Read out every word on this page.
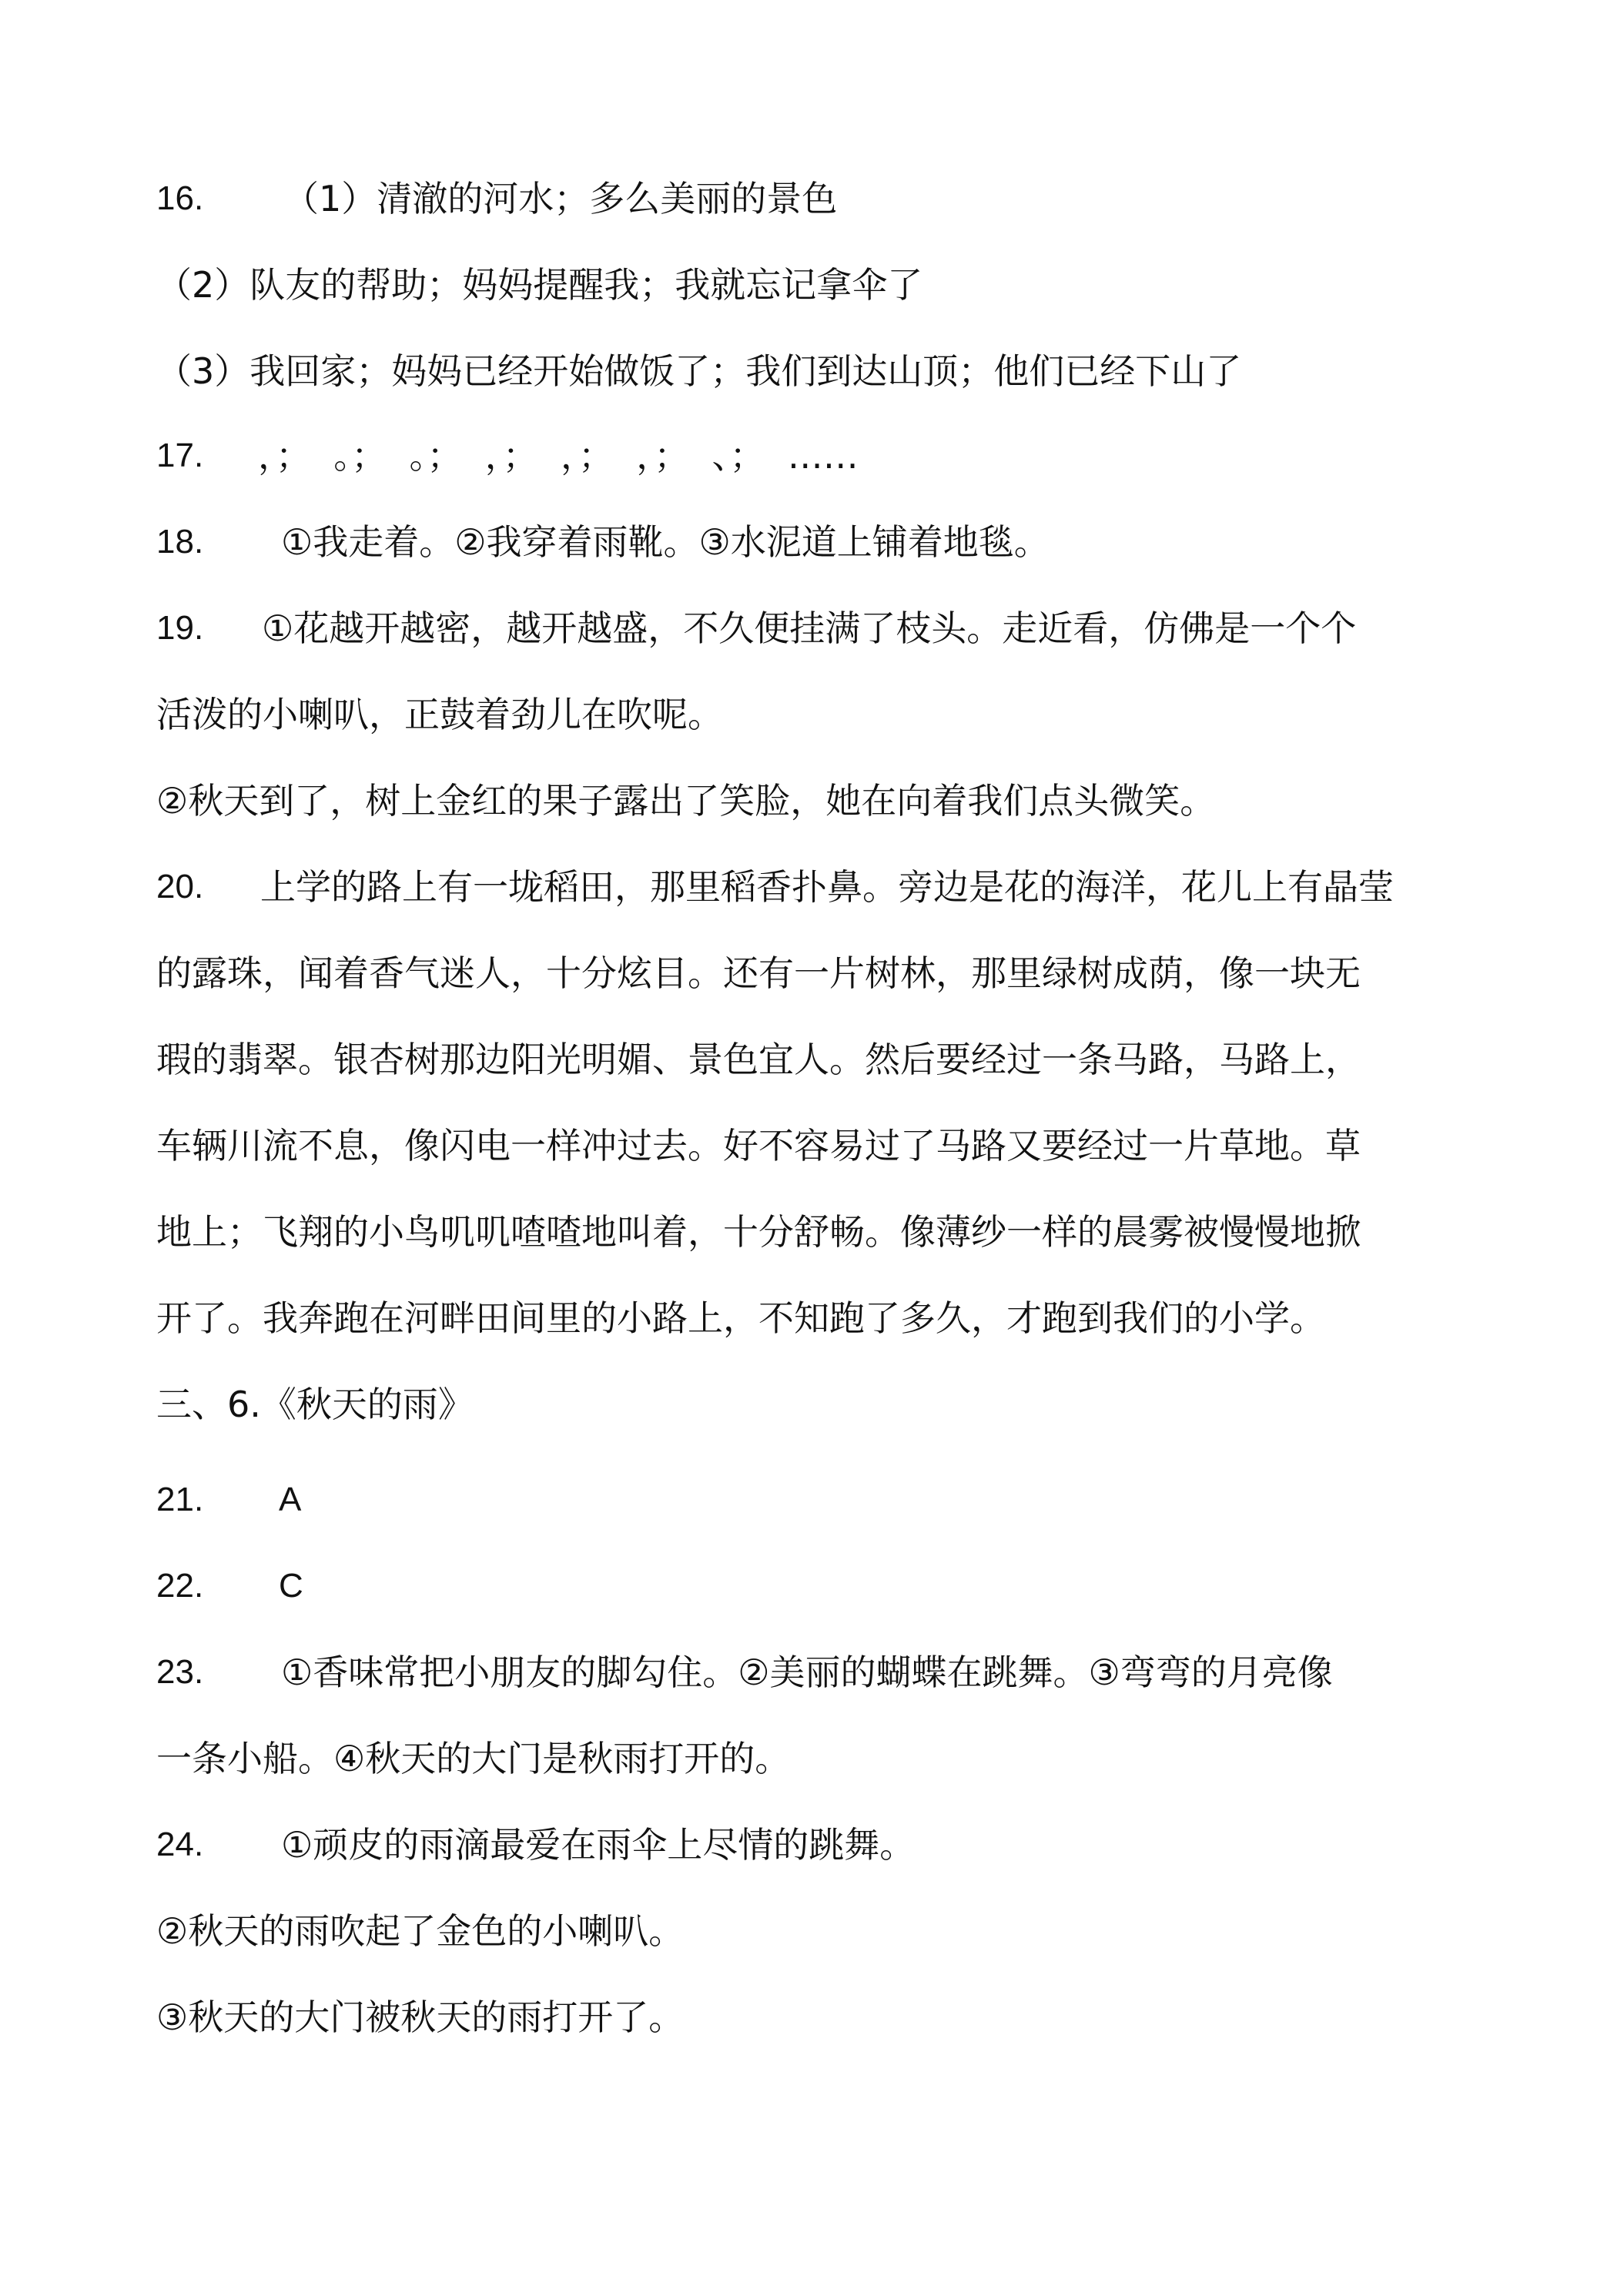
16. （1）清澈的河水；多么美丽的景色
（2）队友的帮助；妈妈提醒我；我就忘记拿伞了
（3）我回家；妈妈已经开始做饭了；我们到达山顶；他们已经下山了
17. ，；  。；  。；  ，；  ，；  ，；  、；  ……
18. ①我走着。②我穿着雨靴。③水泥道上铺着地毯。
19. ①花越开越密，越开越盛，不久便挂满了枝头。走近看，仿佛是一个个
活泼的小喇叭，正鼓着劲儿在吹呢。
②秋天到了，树上金红的果子露出了笑脸，她在向着我们点头微笑。
20. 上学的路上有一垅稻田，那里稻香扑鼻。旁边是花的海洋，花儿上有晶莹
的露珠，闻着香气迷人，十分炫目。还有一片树林，那里绿树成荫，像一块无
瑕的翡翠。银杏树那边阳光明媚、景色宜人。然后要经过一条马路，马路上，
车辆川流不息，像闪电一样冲过去。好不容易过了马路又要经过一片草地。草
地上；飞翔的小鸟叽叽喳喳地叫着，十分舒畅。像薄纱一样的晨雾被慢慢地掀
开了。我奔跑在河畔田间里的小路上，不知跑了多久，才跑到我们的小学。
三、6.《秋天的雨》
21. A
22. C
23. ①香味常把小朋友的脚勾住。②美丽的蝴蝶在跳舞。③弯弯的月亮像
一条小船。④秋天的大门是秋雨打开的。
24. ①顽皮的雨滴最爱在雨伞上尽情的跳舞。
②秋天的雨吹起了金色的小喇叭。
③秋天的大门被秋天的雨打开了。
